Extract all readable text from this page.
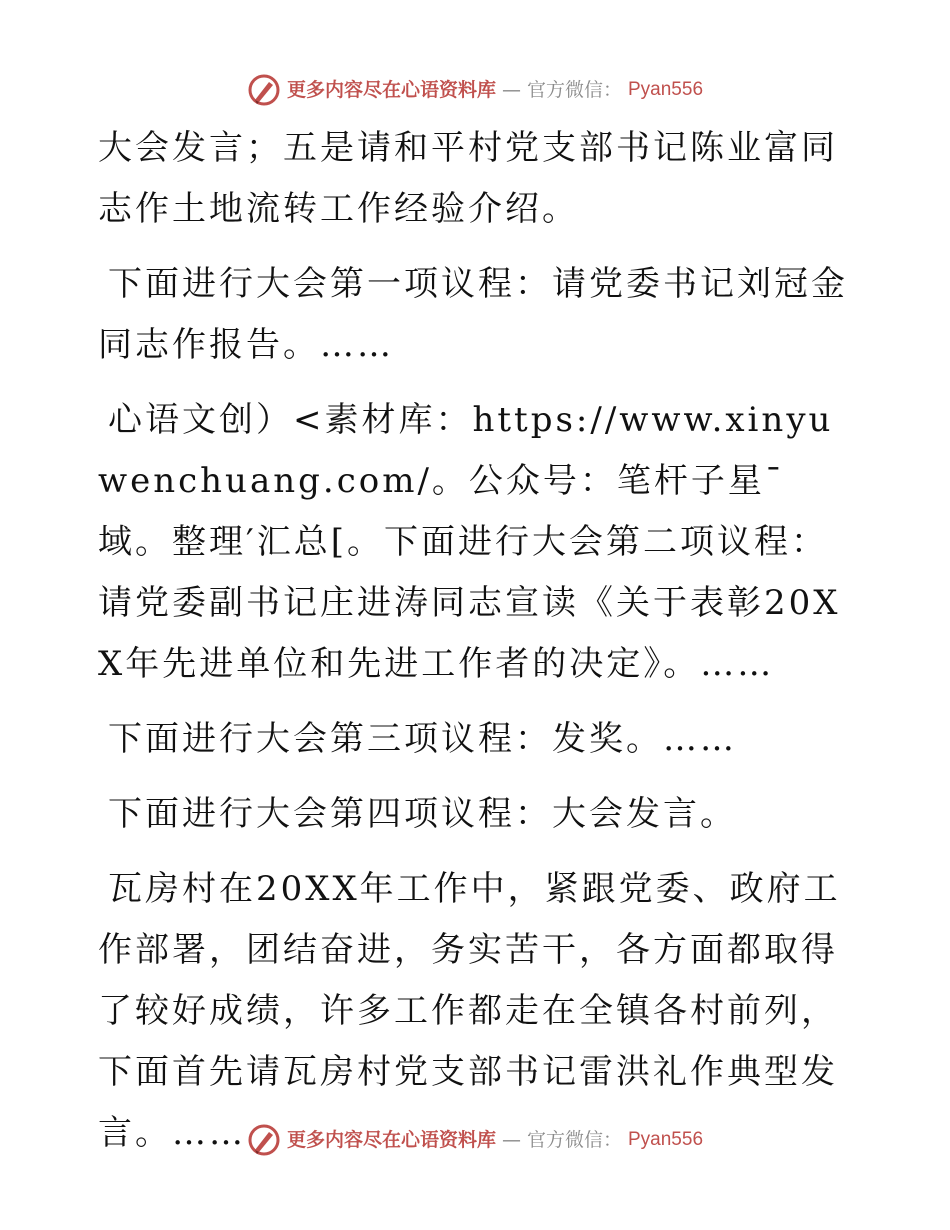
更多内容尽在心语资料库 — 官方微信： Pyan556

大会发言；五是请和平村党支部书记陈业富同志作土地流转工作经验介绍。

下面进行大会第一项议程：请党委书记刘冠金同志作报告。……

心语文创）<素材库：https://www.xinyuwenchuang.com/。公众号：笔杆子星¯域。整理′汇总[。下面进行大会第二项议程：请党委副书记庄进涛同志宣读《关于表彰20XX年先进单位和先进工作者的决定》。……

下面进行大会第三项议程：发奖。……

下面进行大会第四项议程：大会发言。

瓦房村在20XX年工作中，紧跟党委、政府工作部署，团结奋进，务实苦干，各方面都取得了较好成绩，许多工作都走在全镇各村前列，下面首先请瓦房村党支部书记雷洪礼作典型发言。……	更多内容尽在心语资料库 — 官方微信： Pyan556
